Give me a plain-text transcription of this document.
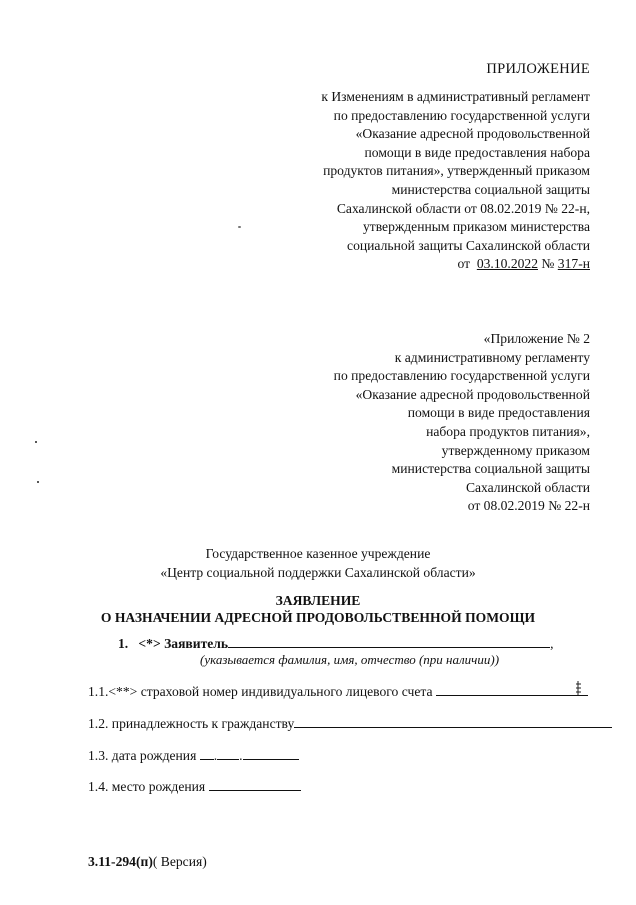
ПРИЛОЖЕНИЕ
к Изменениям в административный регламент
по предоставлению государственной услуги
«Оказание адресной продовольственной
помощи в виде предоставления набора
продуктов питания», утвержденный приказом
министерства социальной защиты
Сахалинской области от 08.02.2019 № 22-н,
утвержденным приказом министерства
социальной защиты Сахалинской области
от 03.10.2022 № 317-н
«Приложение № 2
к административному регламенту
по предоставлению государственной услуги
«Оказание адресной продовольственной
помощи в виде предоставления
набора продуктов питания»,
утвержденному приказом
министерства социальной защиты
Сахалинской области
от 08.02.2019 № 22-н
Государственное казенное учреждение
«Центр социальной поддержки Сахалинской области»
ЗАЯВЛЕНИЕ
О НАЗНАЧЕНИИ АДРЕСНОЙ ПРОДОВОЛЬСТВЕННОЙ ПОМОЩИ
1. <*> Заявитель	,
(указывается фамилия, имя, отчество (при наличии))
1.1.<**> страховой номер индивидуального лицевого счета
1.2. принадлежность к гражданству
1.3. дата рождения . .
1.4. место рождения
3.11-294(п)( Версия)
